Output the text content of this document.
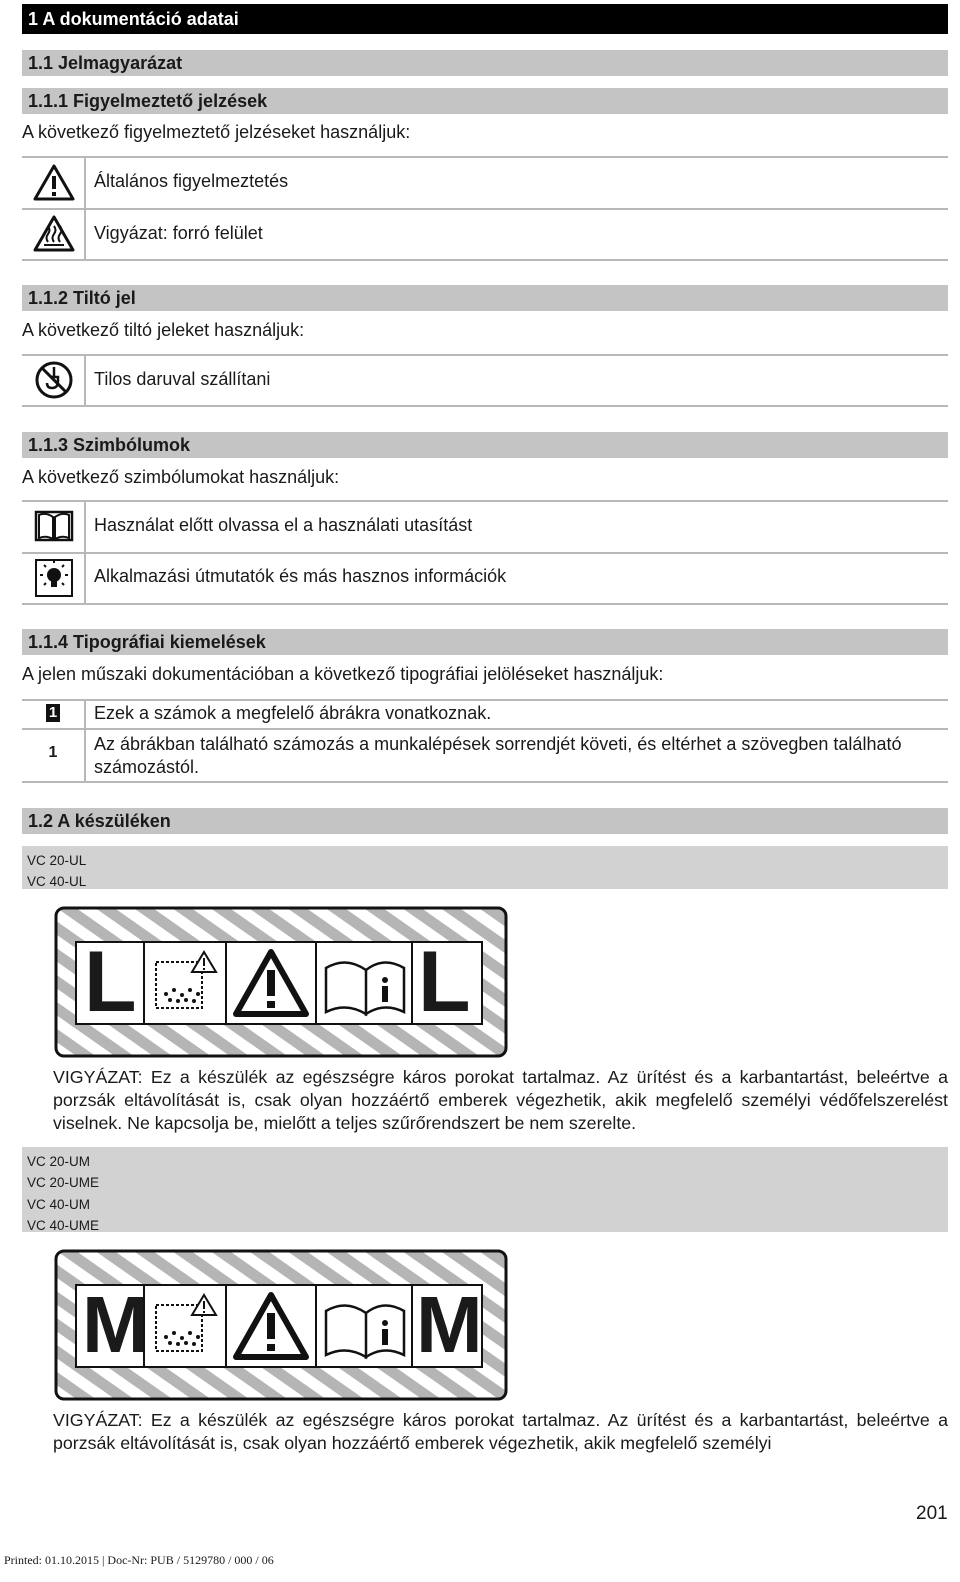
1 A dokumentáció adatai
1.1 Jelmagyarázat
1.1.1 Figyelmeztető jelzések
A következő figyelmeztető jelzéseket használjuk:
Általános figyelmeztetés
Vigyázat: forró felület
1.1.2 Tiltó jel
A következő tiltó jeleket használjuk:
Tilos daruval szállítani
1.1.3 Szimbólumok
A következő szimbólumokat használjuk:
Használat előtt olvassa el a használati utasítást
Alkalmazási útmutatók és más hasznos információk
1.1.4 Tipográfiai kiemelések
A jelen műszaki dokumentációban a következő tipográfiai jelöléseket használjuk:
1 Ezek a számok a megfelelő ábrákra vonatkoznak.
1 Az ábrákban található számozás a munkalépések sorrendjét követi, és eltérhet a szövegben található számozástól.
1.2 A készüléken
VC 20-UL
VC 40-UL
L	L
VIGYÁZAT: Ez a készülék az egészségre káros porokat tartalmaz. Az ürítést és a karbantartást, beleértve a porzsák eltávolítását is, csak olyan hozzáértő emberek végezhetik, akik megfelelő személyi védőfelszerelést viselnek. Ne kapcsolja be, mielőtt a teljes szűrőrendszert be nem szerelte.
VC 20-UM
VC 20-UME
VC 40-UM
VC 40-UME
M	M
VIGYÁZAT: Ez a készülék az egészségre káros porokat tartalmaz. Az ürítést és a karbantartást, beleértve a porzsák eltávolítását is, csak olyan hozzáértő emberek végezhetik, akik megfelelő személyi
201
Printed: 01.10.2015 | Doc-Nr: PUB / 5129780 / 000 / 06
